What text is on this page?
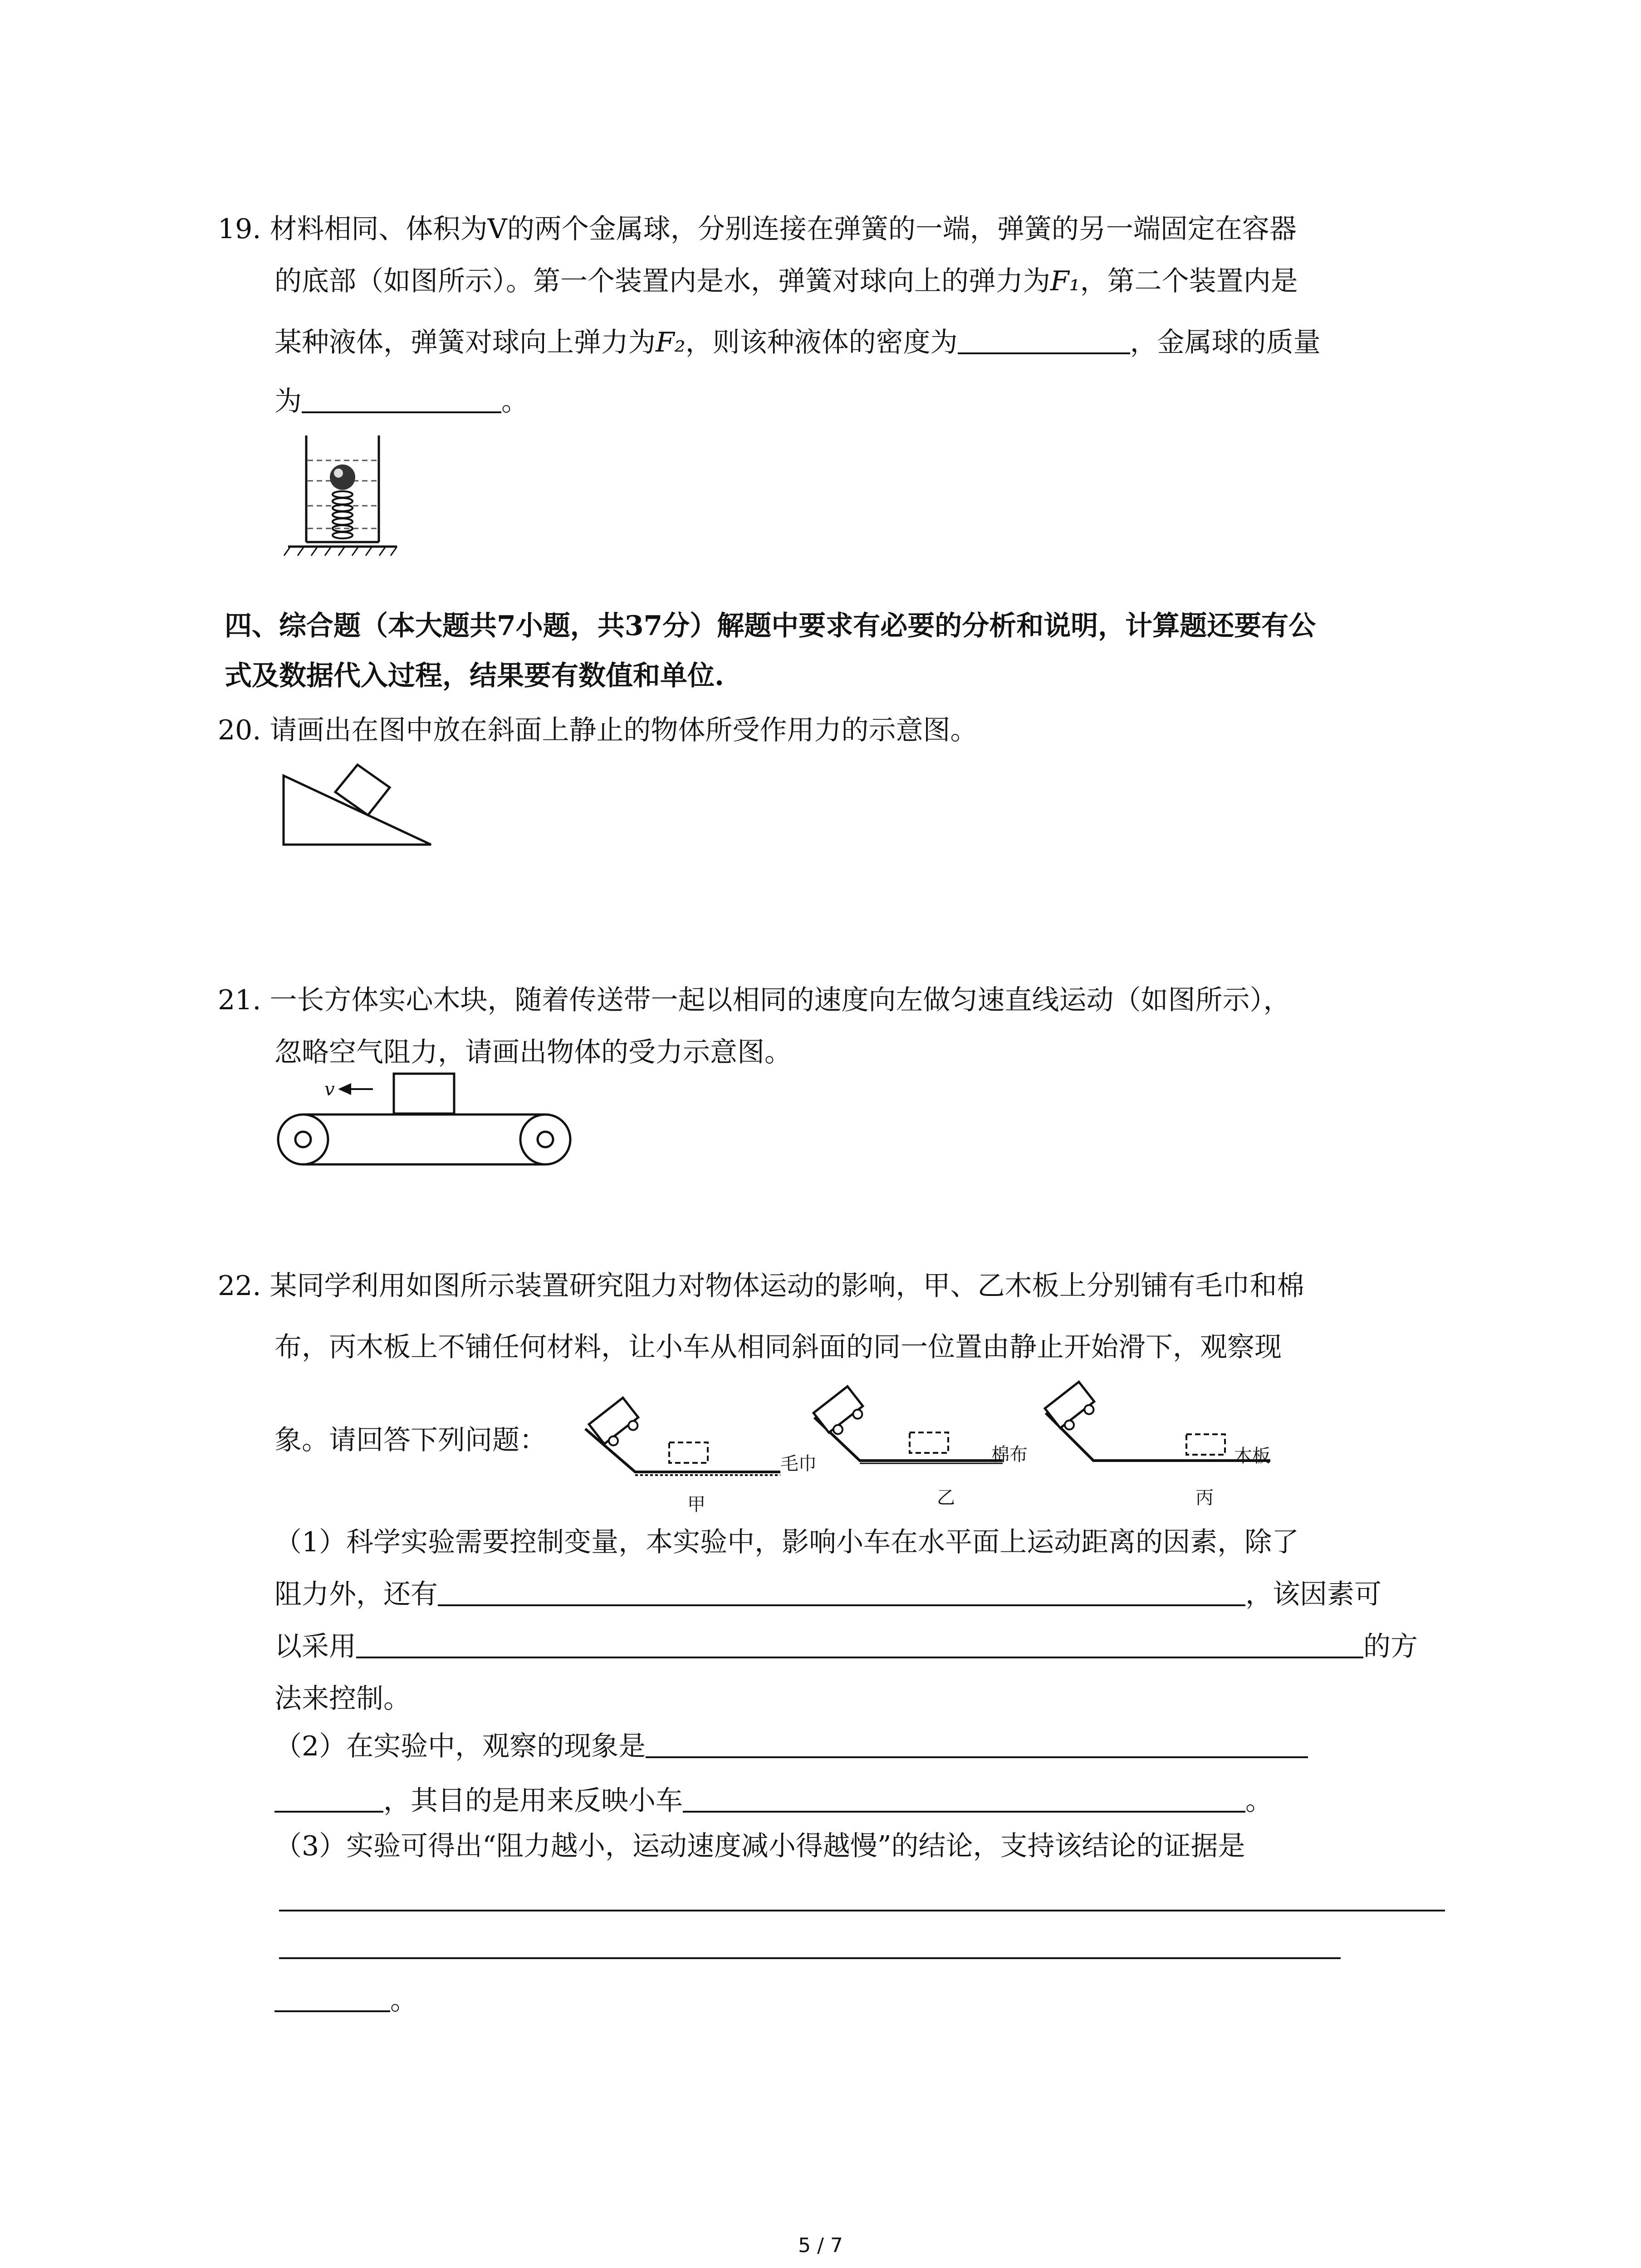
19. 材料相同、体积为V的两个金属球，分别连接在弹簧的一端，弹簧的另一端固定在容器
的底部（如图所示）。第一个装置内是水，弹簧对球向上的弹力为F₁，第二个装置内是
某种液体，弹簧对球向上弹力为F₂，则该种液体的密度为	，金属球的质量
为	。
四、综合题（本大题共7小题，共37分）解题中要求有必要的分析和说明，计算题还要有公
式及数据代入过程，结果要有数值和单位.
20. 请画出在图中放在斜面上静止的物体所受作用力的示意图。
21. 一长方体实心木块，随着传送带一起以相同的速度向左做匀速直线运动（如图所示），
忽略空气阻力，请画出物体的受力示意图。
v
22. 某同学利用如图所示装置研究阻力对物体运动的影响，甲、乙木板上分别铺有毛巾和棉
布，丙木板上不铺任何材料，让小车从相同斜面的同一位置由静止开始滑下，观察现
象。请回答下列问题：
毛巾
甲
棉布
乙
木板
丙
（1）科学实验需要控制变量，本实验中，影响小车在水平面上运动距离的因素，除了
阻力外，还有	，该因素可
以采用	的方
法来控制。
（2）在实验中，观察的现象是
，其目的是用来反映小车	。
（3）实验可得出“阻力越小，运动速度减小得越慢”的结论，支持该结论的证据是
。
5 / 7
